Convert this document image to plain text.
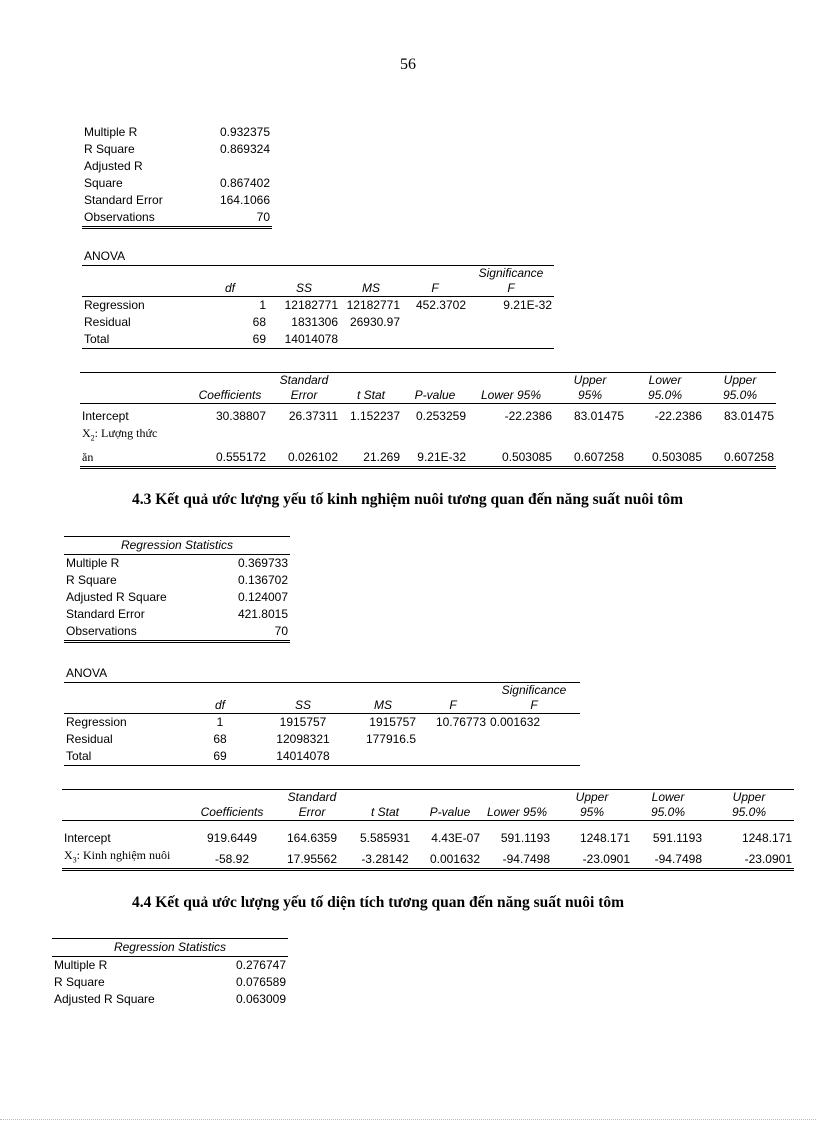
56
Multiple R	0.932375
R Square	0.869324
Adjusted R	
Square	0.867402
Standard Error	164.1066
Observations	70
ANOVA					
					Significance
	df	SS	MS	F	F
Regression	1	12182771	12182771	452.3702	9.21E-32
Residual	68	1831306	26930.97		
Total	69	14014078			
		Standard				Upper	Lower	Upper
	Coefficients	Error	t Stat	P-value	Lower 95%	95%	95.0%	95.0%
Intercept	30.38807	26.37311	1.152237	0.253259	-22.2386	83.01475	-22.2386	83.01475
$X_2$: Lượng thức								
ăn	0.555172	0.026102	21.269	9.21E-32	0.503085	0.607258	0.503085	0.607258
4.3 Kết quả ước lượng yếu tố kinh nghiệm nuôi tương quan đến năng suất nuôi tôm
Regression Statistics	
Multiple R	0.369733
R Square	0.136702
Adjusted R Square	0.124007
Standard Error	421.8015
Observations	70
ANOVA					
					Significance
	df	SS	MS	F	F
Regression	1	1915757	1915757	10.76773	0.001632
Residual	68	12098321	177916.5		
Total	69	14014078			
		Standard				Upper	Lower	Upper
	Coefficients	Error	t Stat	P-value	Lower 95%	95%	95.0%	95.0%
Intercept	919.6449	164.6359	5.585931	4.43E-07	591.1193	1248.171	591.1193	1248.171
$X_3$: Kinh nghiệm nuôi	-58.92	17.95562	-3.28142	0.001632	-94.7498	-23.0901	-94.7498	-23.0901
4.4 Kết quả ước lượng yếu tố diện tích tương quan đến năng suất nuôi tôm
Regression Statistics	
Multiple R	0.276747
R Square	0.076589
Adjusted R Square	0.063009
